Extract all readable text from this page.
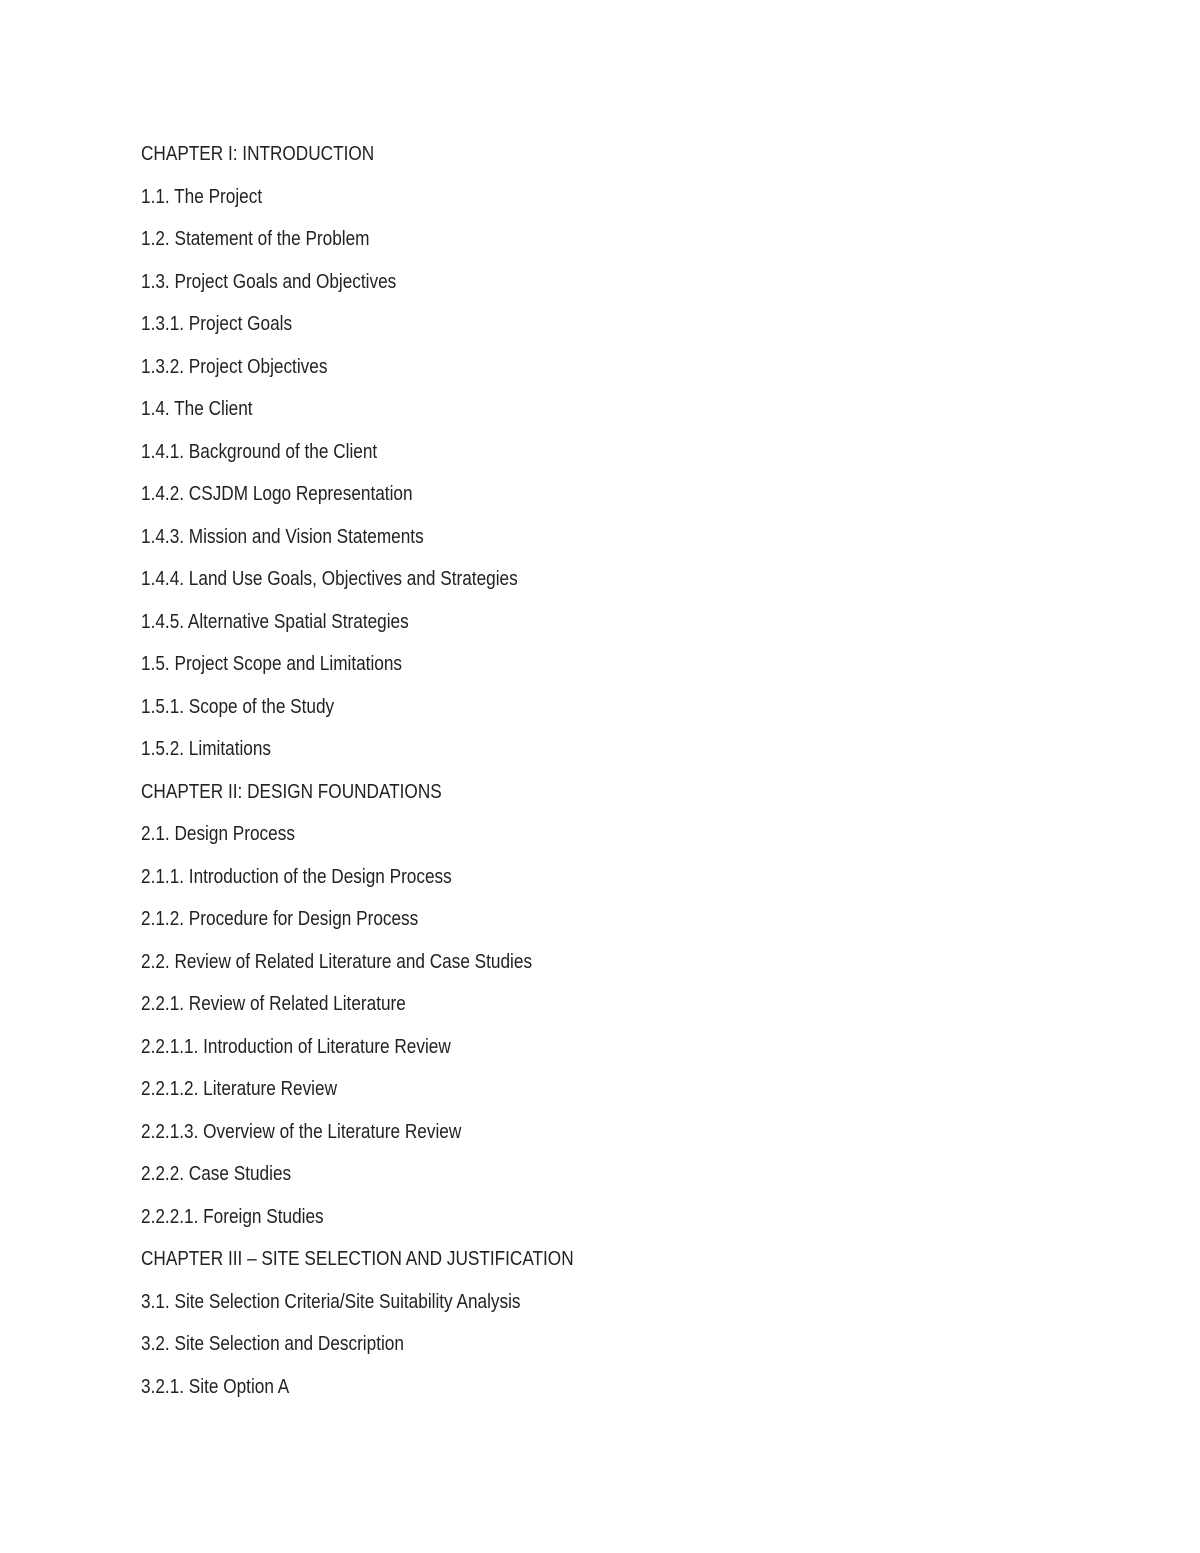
CHAPTER I: INTRODUCTION
1.1. The Project
1.2. Statement of the Problem
1.3. Project Goals and Objectives
1.3.1. Project Goals
1.3.2. Project Objectives
1.4. The Client
1.4.1. Background of the Client
1.4.2. CSJDM Logo Representation
1.4.3. Mission and Vision Statements
1.4.4. Land Use Goals, Objectives and Strategies
1.4.5. Alternative Spatial Strategies
1.5. Project Scope and Limitations
1.5.1. Scope of the Study
1.5.2. Limitations
CHAPTER II: DESIGN FOUNDATIONS
2.1. Design Process
2.1.1. Introduction of the Design Process
2.1.2. Procedure for Design Process
2.2. Review of Related Literature and Case Studies
2.2.1. Review of Related Literature
2.2.1.1. Introduction of Literature Review
2.2.1.2. Literature Review
2.2.1.3. Overview of the Literature Review
2.2.2. Case Studies
2.2.2.1. Foreign Studies
CHAPTER III – SITE SELECTION AND JUSTIFICATION
3.1. Site Selection Criteria/Site Suitability Analysis
3.2. Site Selection and Description
3.2.1. Site Option A
